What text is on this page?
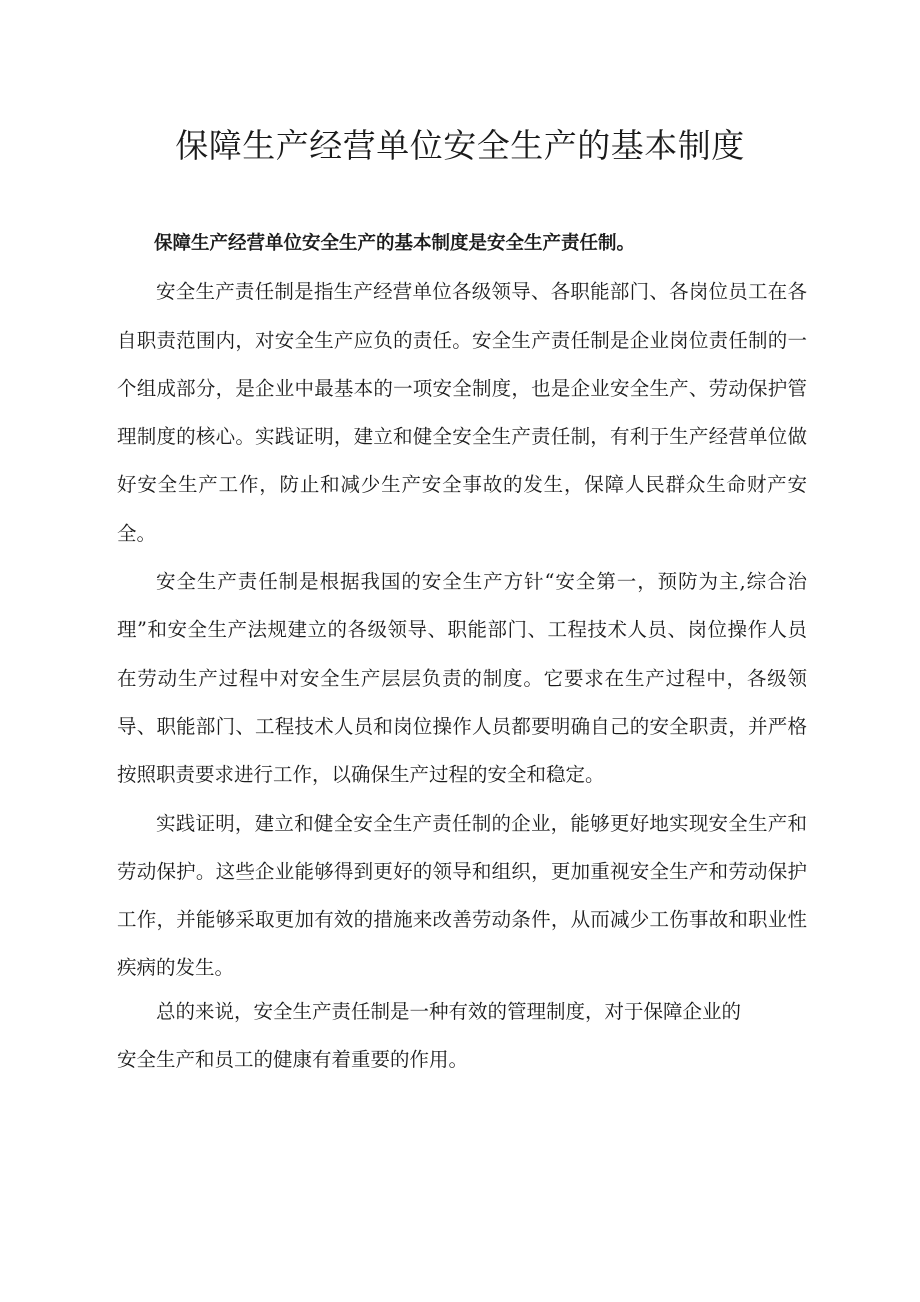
保障生产经营单位安全生产的基本制度

保障生产经营单位安全生产的基本制度是安全生产责任制。

安全生产责任制是指生产经营单位各级领导、各职能部门、各岗位员工在各自职责范围内，对安全生产应负的责任。安全生产责任制是企业岗位责任制的一个组成部分，是企业中最基本的一项安全制度，也是企业安全生产、劳动保护管理制度的核心。实践证明，建立和健全安全生产责任制，有利于生产经营单位做好安全生产工作，防止和减少生产安全事故的发生，保障人民群众生命财产安全。

安全生产责任制是根据我国的安全生产方针“安全第一，预防为主,综合治理”和安全生产法规建立的各级领导、职能部门、工程技术人员、岗位操作人员在劳动生产过程中对安全生产层层负责的制度。它要求在生产过程中，各级领导、职能部门、工程技术人员和岗位操作人员都要明确自己的安全职责，并严格按照职责要求进行工作，以确保生产过程的安全和稳定。

实践证明，建立和健全安全生产责任制的企业，能够更好地实现安全生产和劳动保护。这些企业能够得到更好的领导和组织，更加重视安全生产和劳动保护工作，并能够采取更加有效的措施来改善劳动条件，从而减少工伤事故和职业性疾病的发生。

总的来说，安全生产责任制是一种有效的管理制度，对于保障企业的
安全生产和员工的健康有着重要的作用。
